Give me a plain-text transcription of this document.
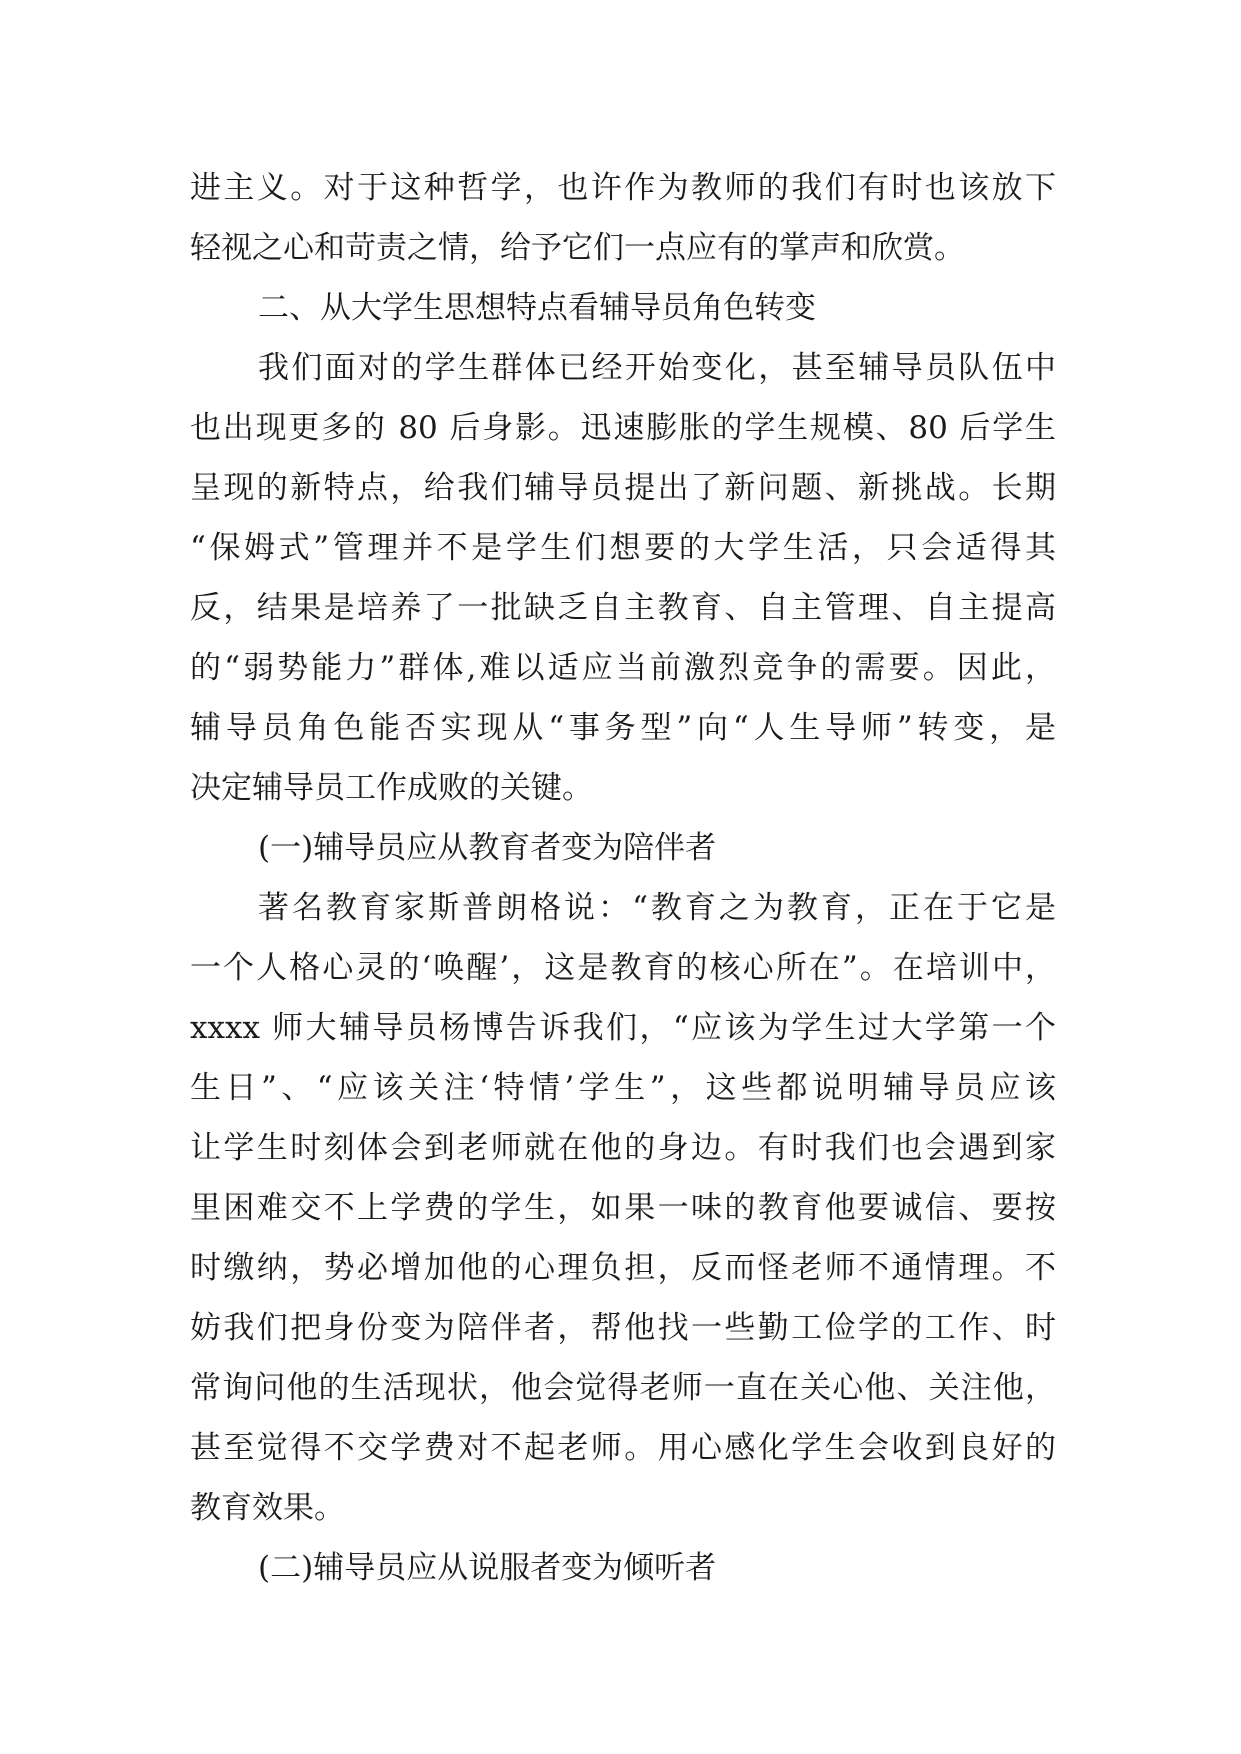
进主义。对于这种哲学，也许作为教师的我们有时也该放下
轻视之心和苛责之情，给予它们一点应有的掌声和欣赏。
二、从大学生思想特点看辅导员角色转变
我们面对的学生群体已经开始变化，甚至辅导员队伍中
也出现更多的 80 后身影。迅速膨胀的学生规模、80 后学生
呈现的新特点，给我们辅导员提出了新问题、新挑战。长期
“保姆式”管理并不是学生们想要的大学生活，只会适得其
反，结果是培养了一批缺乏自主教育、自主管理、自主提高
的“弱势能力”群体,难以适应当前激烈竞争的需要。因此，
辅导员角色能否实现从“事务型”向“人生导师”转变，是
决定辅导员工作成败的关键。
(一)辅导员应从教育者变为陪伴者
著名教育家斯普朗格说：“教育之为教育，正在于它是
一个人格心灵的‘唤醒’，这是教育的核心所在”。在培训中，
xxxx 师大辅导员杨博告诉我们，“应该为学生过大学第一个
生日”、“应该关注‘特情’学生”，这些都说明辅导员应该
让学生时刻体会到老师就在他的身边。有时我们也会遇到家
里困难交不上学费的学生，如果一味的教育他要诚信、要按
时缴纳，势必增加他的心理负担，反而怪老师不通情理。不
妨我们把身份变为陪伴者，帮他找一些勤工俭学的工作、时
常询问他的生活现状，他会觉得老师一直在关心他、关注他，
甚至觉得不交学费对不起老师。用心感化学生会收到良好的
教育效果。
(二)辅导员应从说服者变为倾听者
